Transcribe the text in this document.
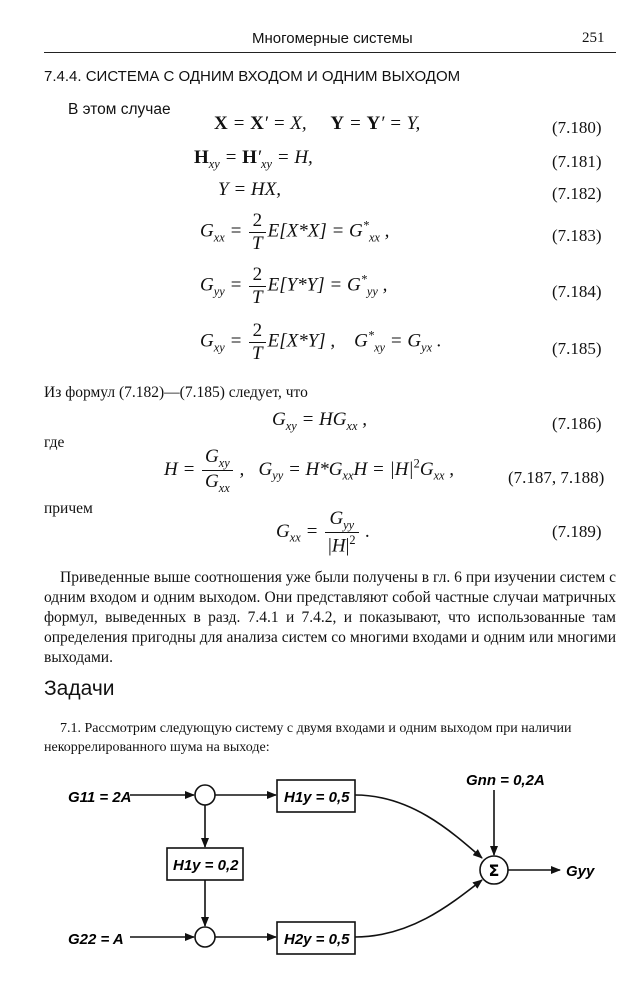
Многомерные системы	251
7.4.4. СИСТЕМА С ОДНИМ ВХОДОМ И ОДНИМ ВЫХОДОМ
В этом случае
X = X′ = X,     Y = Y′ = Y,	(7.180)
$H_{xy} = H'_{xy} = H$,	(7.181)
Y = HX,	(7.182)
$G_{xx} = \frac{2}{T} E[X*X] = G^*_{xx}$ ,	(7.183)
$G_{yy} = \frac{2}{T} E[Y*Y] = G^*_{yy}$ ,	(7.184)
$G_{xy} = \frac{2}{T} E[X*Y]$ ,    $G^*_{xy} = G_{yx}$ .	(7.185)
Из формул (7.182)—(7.185) следует, что
$G_{xy} = HG_{xx}$ ,	(7.186)
где
$H = \frac{G_{xy}}{G_{xx}}$ ,   $G_{yy} = H*G_{xx}H = |H|^2G_{xx}$ ,	(7.187, 7.188)
причем
$G_{xx} = \frac{G_{yy}}{|H|^2}$ .	(7.189)
Приведенные выше соотношения уже были получены в гл. 6 при изучении систем с одним входом и одним выходом. Они представляют собой частные случаи матричных формул, выведенных в разд. 7.4.1 и 7.4.2, и показывают, что использованные там определения пригодны для анализа систем со многими входами и одним или многими выходами.
Задачи
7.1. Рассмотрим следующую систему с двумя входами и одним выходом при наличии некоррелированного шума на выходе:
G11 = 2A
G22 = A
H1y = 0,5
H1y = 0,2
H2y = 0,5
Gnn = 0,2A
Σ	Gyy
